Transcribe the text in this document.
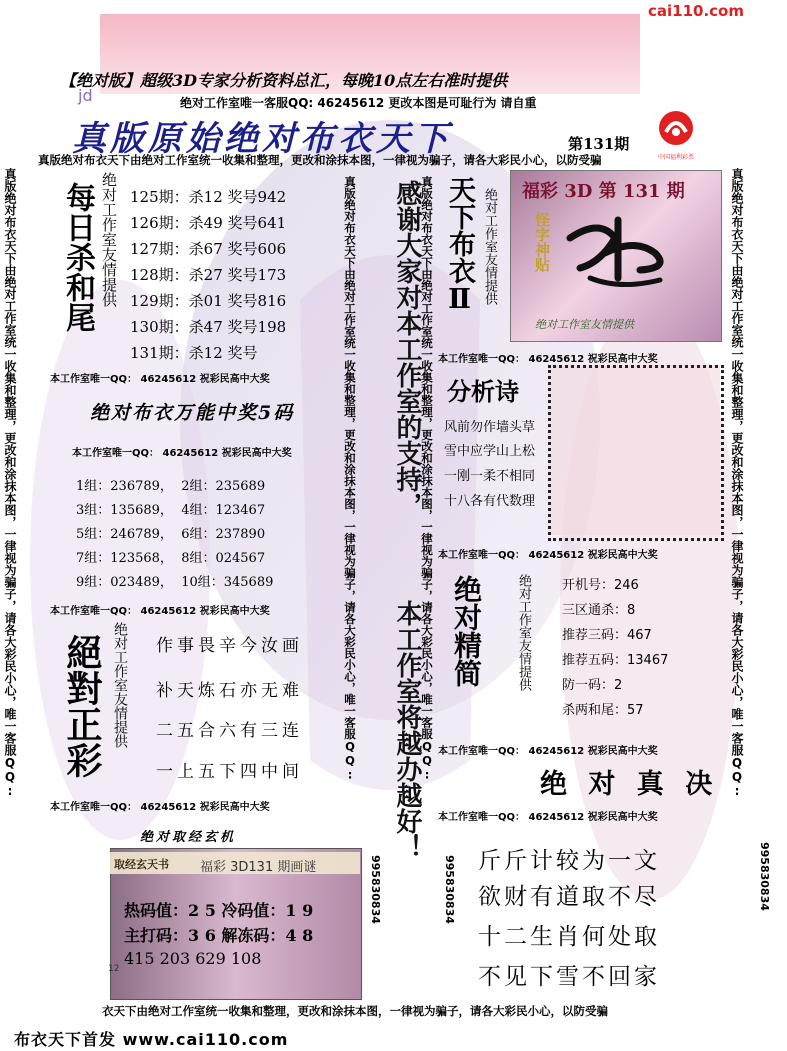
cai110.com
【绝对版】超级3D专家分析资料总汇，每晚10点左右准时提供
jd	绝对工作室唯一客服QQ: 46245612 更改本图是可耻行为 请自重
真版原始绝对布衣天下	第131期
中国福利彩票
真版绝对布衣天下由绝对工作室统一收集和整理，更改和涂抹本图，一律视为骗子，请各大彩民小心，以防受骗
真版绝对布衣天下由绝对工作室统一收集和整理，更改和涂抹本图，一律视为骗子，请各大彩民小心，唯一客服QQ:	真版绝对布衣天下由绝对工作室统一收集和整理，更改和涂抹本图，一律视为骗子，请各大彩民小心，唯一客服QQ:
995830834
真版绝对布衣天下由绝对工作室统一收集和整理，更改和涂抹本图，一律视为骗子，请各大彩民小心，唯一客服QQ:
995830834
真版绝对布衣天下由绝对工作室统一收集和整理，更改和涂抹本图，一律视为骗子，请各大彩民小心，唯一客服QQ:
995830834
每日杀和尾 绝对工作室友情提供 125期：杀12 奖号942
126期：杀49 奖号641
127期：杀67 奖号606
128期：杀27 奖号173
129期：杀01 奖号816
130期：杀47 奖号198
131期：杀12 奖号
本工作室唯一QQ： 46245612 祝彩民高中大奖
绝对布衣万能中奖5码
本工作室唯一QQ： 46245612 祝彩民高中大奖
1组：236789， 2组：235689
3组：135689， 4组：123467
5组：246789， 6组：237890
7组：123568， 8组：024567
9组：023489， 10组：345689
本工作室唯一QQ： 46245612 祝彩民高中大奖
絕對正彩 绝对工作室友情提供 作事畏辛今汝画
补天炼石亦无难
二五合六有三连
一上五下四中间
本工作室唯一QQ： 46245612 祝彩民高中大奖
绝对取经玄机
取经玄天书 福彩 3D131 期画谜
热码值：2 5 冷码值：1 9
主打码：3 6 解冻码：4 8
415 203 629 108
12
感谢大家对本工作室的支持，
本工作室将越办越好！
天下布衣Ⅱ 绝对工作室友情提供 福彩 3D 第 131 期
怪字神贴
绝对工作室友情提供
本工作室唯一QQ： 46245612 祝彩民高中大奖
分析诗
风前勿作墙头草
雪中应学山上松
一刚一柔不相同
十八各有代数理
本工作室唯一QQ： 46245612 祝彩民高中大奖
绝对精简	绝对工作室友情提供 开机号：246
三区通杀：8
推荐三码：467
推荐五码：13467
防一码：2
杀两和尾：57
本工作室唯一QQ： 46245612 祝彩民高中大奖
绝 对 真 决
本工作室唯一QQ： 46245612 祝彩民高中大奖
斤斤计较为一文
欲财有道取不尽
十二生肖何处取
不见下雪不回家
衣天下由绝对工作室统一收集和整理，更改和涂抹本图，一律视为骗子，请各大彩民小心，以防受骗
布衣天下首发 www.cai110.com
